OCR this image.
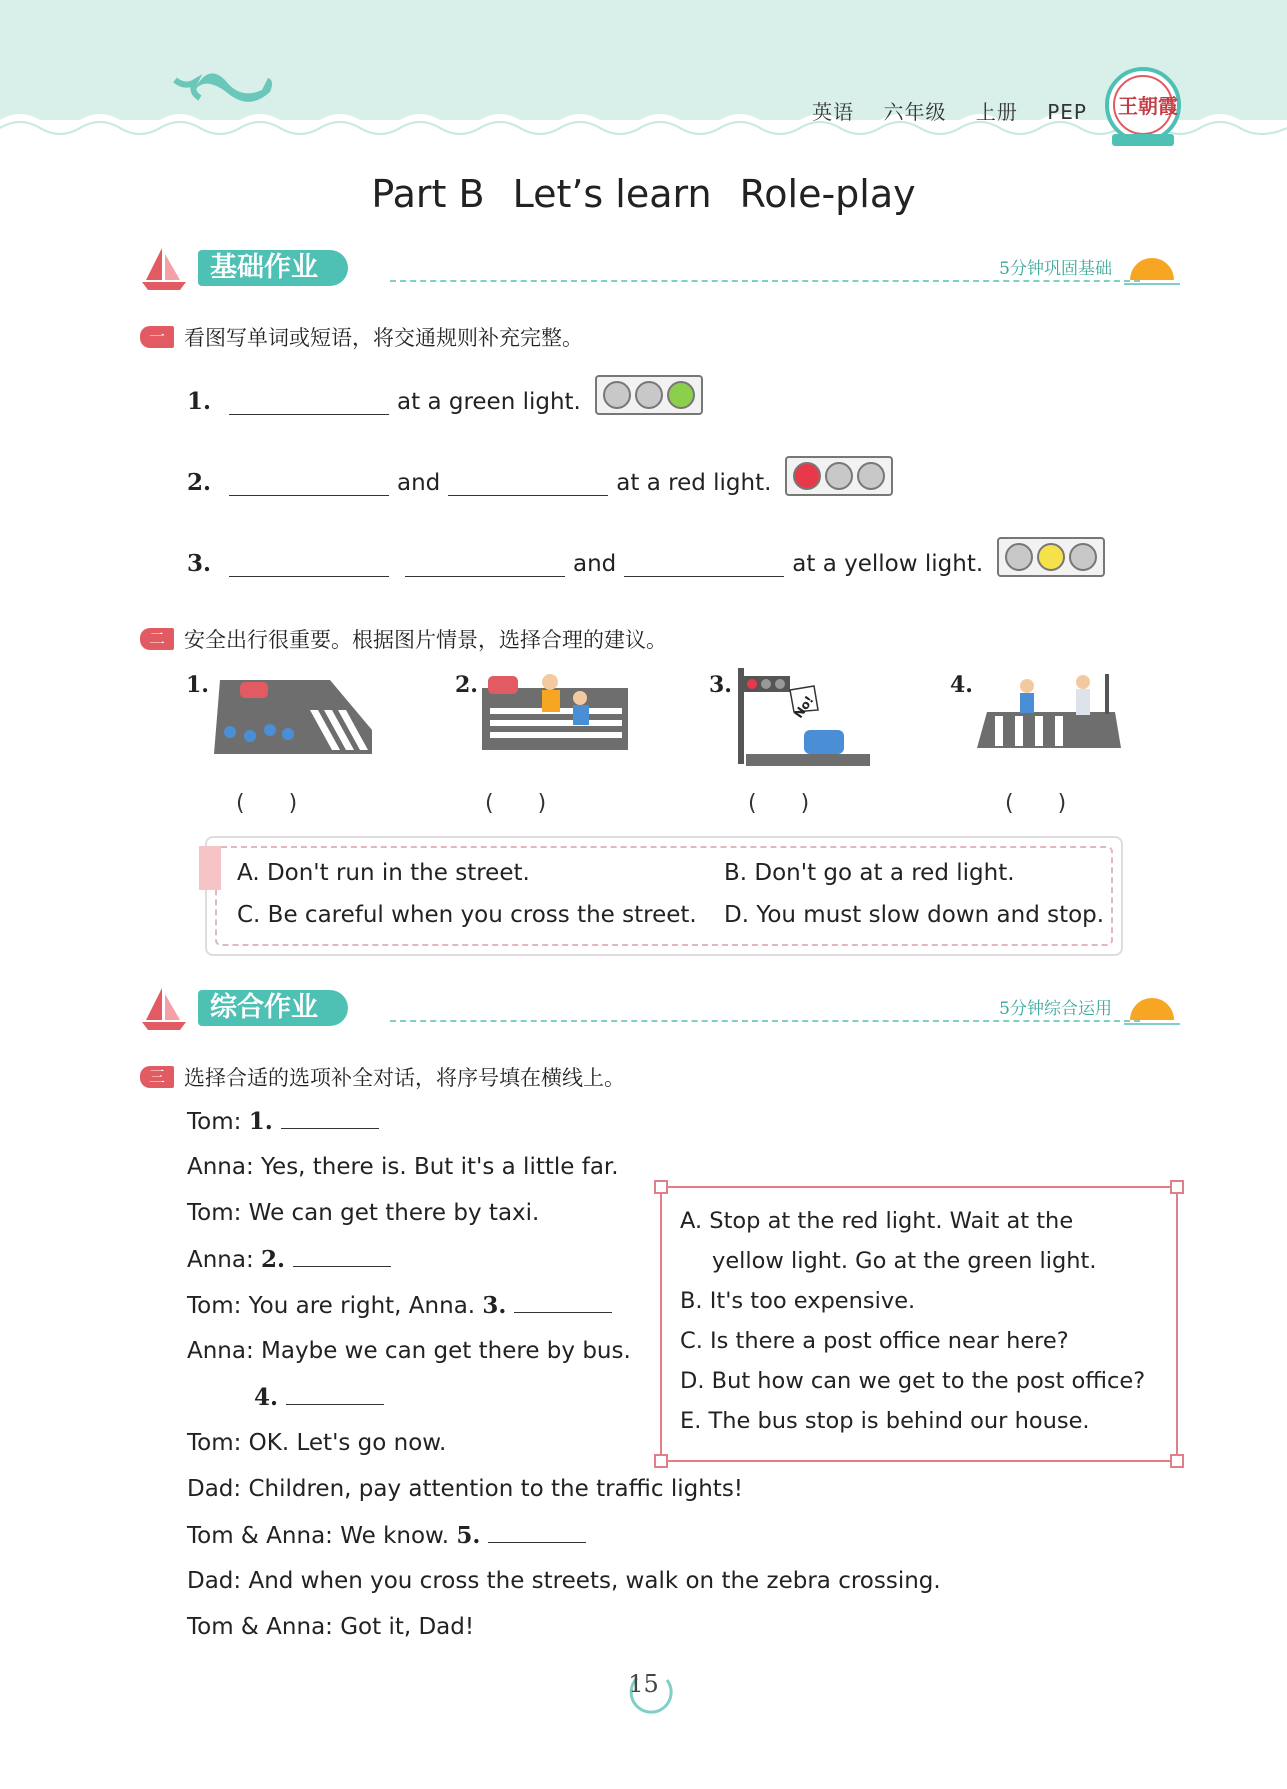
王朝霞
英语 六年级 上册 PEP
Part B Let’s learn Role-play
基础作业	5分钟巩固基础
一 看图写单词或短语，将交通规则补充完整。
1.	at a green light.
2.	and	at a red light.
3.	and	at a yellow light.
二 安全出行很重要。根据图片情景，选择合理的建议。
1.	2.	3.
No!
4.
(　　)	(　　)	(　　)	(　　)
A. Don't run in the street.	B. Don't go at a red light.
C. Be careful when you cross the street. D. You must slow down and stop.
综合作业	5分钟综合运用
三 选择合适的选项补全对话，将序号填在横线上。
Tom: 1.
Anna: Yes, there is. But it's a little far.
Tom: We can get there by taxi.
Anna: 2.
Tom: You are right, Anna. 3.
Anna: Maybe we can get there by bus.
4.
Tom: OK. Let's go now.
Dad: Children, pay attention to the traffic lights!
Tom & Anna: We know. 5.
Dad: And when you cross the streets, walk on the zebra crossing.
Tom & Anna: Got it, Dad!
A. Stop at the red light. Wait at the
yellow light. Go at the green light.
B. It's too expensive.
C. Is there a post office near here?
D. But how can we get to the post office?
E. The bus stop is behind our house.
15
